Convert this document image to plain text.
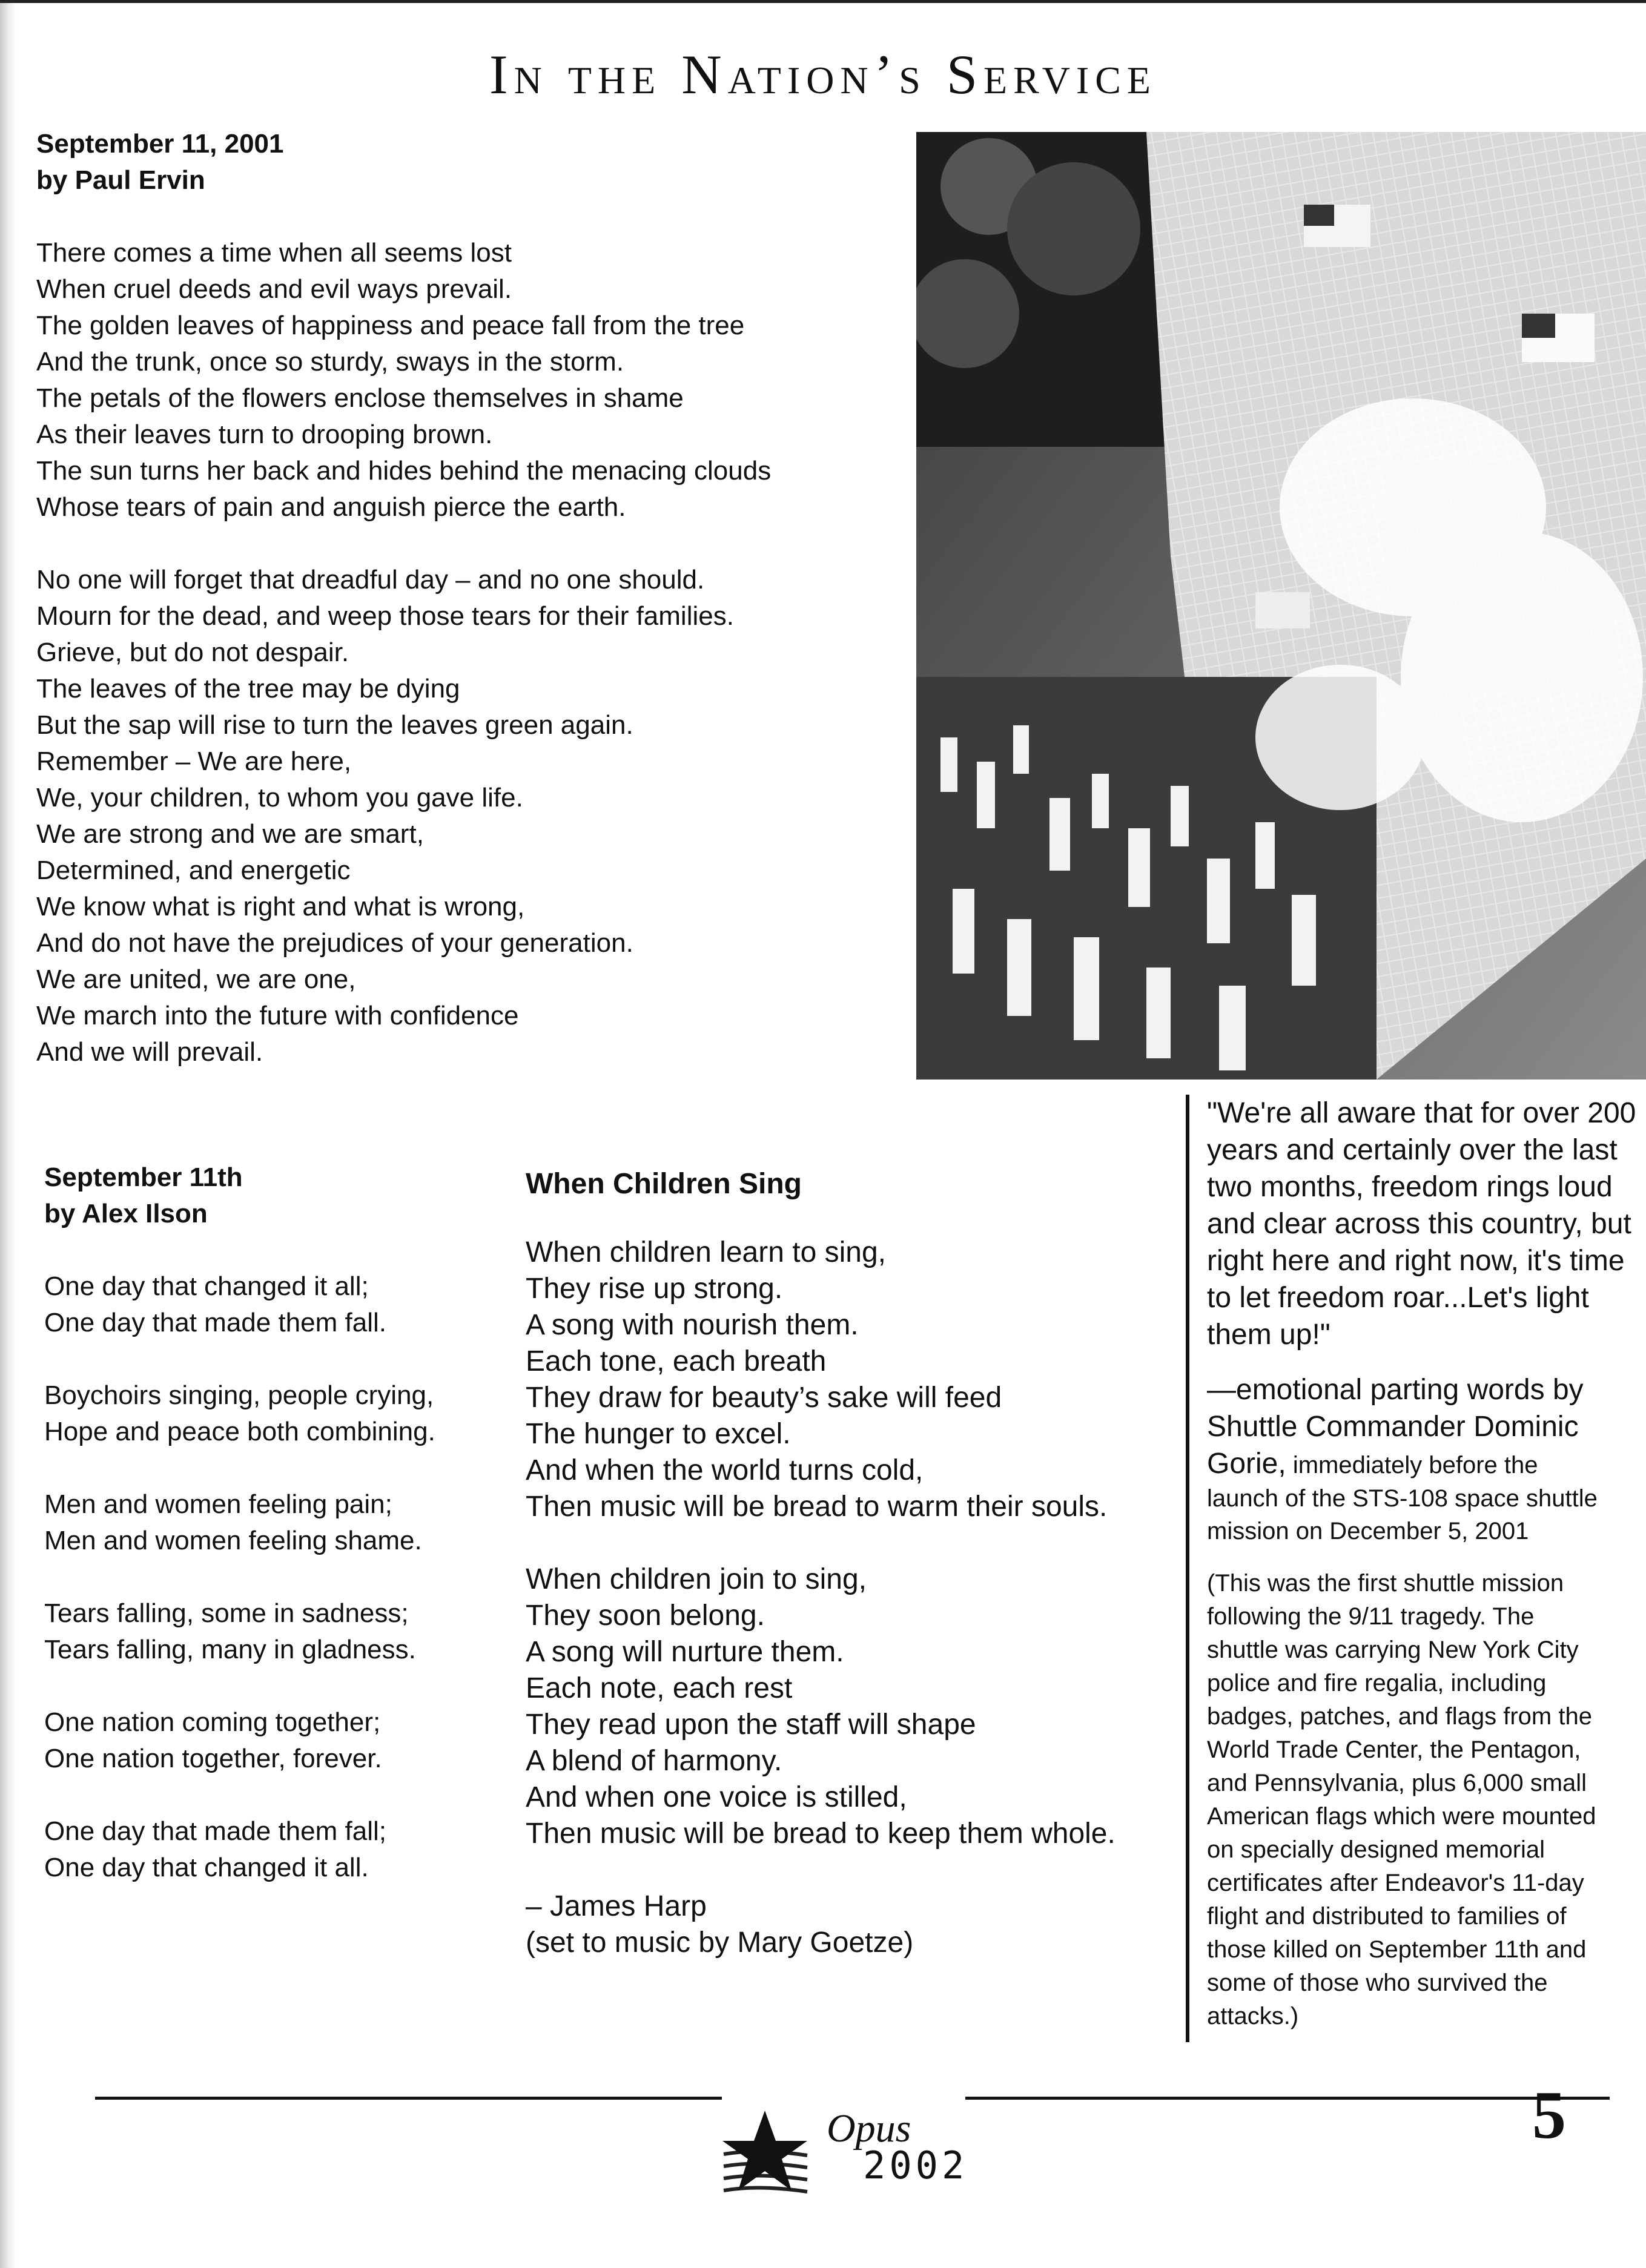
In the Nation’s Service
September 11, 2001
by Paul Ervin
There comes a time when all seems lost
When cruel deeds and evil ways prevail.
The golden leaves of happiness and peace fall from the tree
And the trunk, once so sturdy, sways in the storm.
The petals of the flowers enclose themselves in shame
As their leaves turn to drooping brown.
The sun turns her back and hides behind the menacing clouds
Whose tears of pain and anguish pierce the earth.
No one will forget that dreadful day – and no one should.
Mourn for the dead, and weep those tears for their families.
Grieve, but do not despair.
The leaves of the tree may be dying
But the sap will rise to turn the leaves green again.
Remember – We are here,
We, your children, to whom you gave life.
We are strong and we are smart,
Determined, and energetic
We know what is right and what is wrong,
And do not have the prejudices of your generation.
We are united, we are one,
We march into the future with confidence
And we will prevail.
September 11th
by Alex Ilson
One day that changed it all;
One day that made them fall.
Boychoirs singing, people crying,
Hope and peace both combining.
Men and women feeling pain;
Men and women feeling shame.
Tears falling, some in sadness;
Tears falling, many in gladness.
One nation coming together;
One nation together, forever.
One day that made them fall;
One day that changed it all.
When Children Sing
When children learn to sing,
They rise up strong.
A song with nourish them.
Each tone, each breath
They draw for beauty’s sake will feed
The hunger to excel.
And when the world turns cold,
Then music will be bread to warm their souls.
When children join to sing,
They soon belong.
A song will nurture them.
Each note, each rest
They read upon the staff will shape
A blend of harmony.
And when one voice is stilled,
Then music will be bread to keep them whole.
– James Harp
(set to music by Mary Goetze)
"We're all aware that for over 200
years and certainly over the last
two months, freedom rings loud
and clear across this country, but
right here and right now, it's time
to let freedom roar...Let's light
them up!"
—emotional parting words by
Shuttle Commander Dominic
Gorie, immediately before the
launch of the STS-108 space shuttle
mission on December 5, 2001
(This was the first shuttle mission
following the 9/11 tragedy. The
shuttle was carrying New York City
police and fire regalia, including
badges, patches, and flags from the
World Trade Center, the Pentagon,
and Pennsylvania, plus 6,000 small
American flags which were mounted
on specially designed memorial
certificates after Endeavor's 11-day
flight and distributed to families of
those killed on September 11th and
some of those who survived the
attacks.)
Opus
2002
5
